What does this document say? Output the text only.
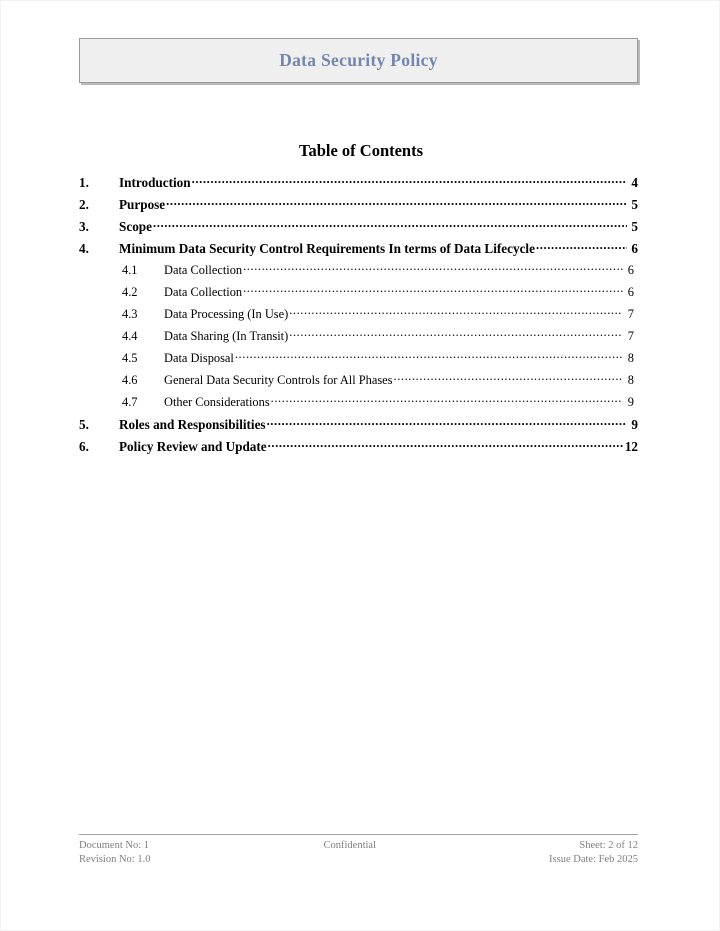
Data Security Policy
Table of Contents
1.	Introduction .....	4
2.	Purpose .....	5
3.	Scope .....	5
4.	Minimum Data Security Control Requirements In terms of Data Lifecycle .....	6
4.1	Data Collection .....	6
4.2	Data Collection .....	6
4.3	Data Processing (In Use) .....	7
4.4	Data Sharing (In Transit) .....	7
4.5	Data Disposal .....	8
4.6	General Data Security Controls for All Phases .....	8
4.7	Other Considerations .....	9
5.	Roles and Responsibilities .....	9
6.	Policy Review and Update .....	12
Document No: 1
Revision No: 1.0
Confidential	Sheet: 2 of 12
Issue Date: Feb 2025
